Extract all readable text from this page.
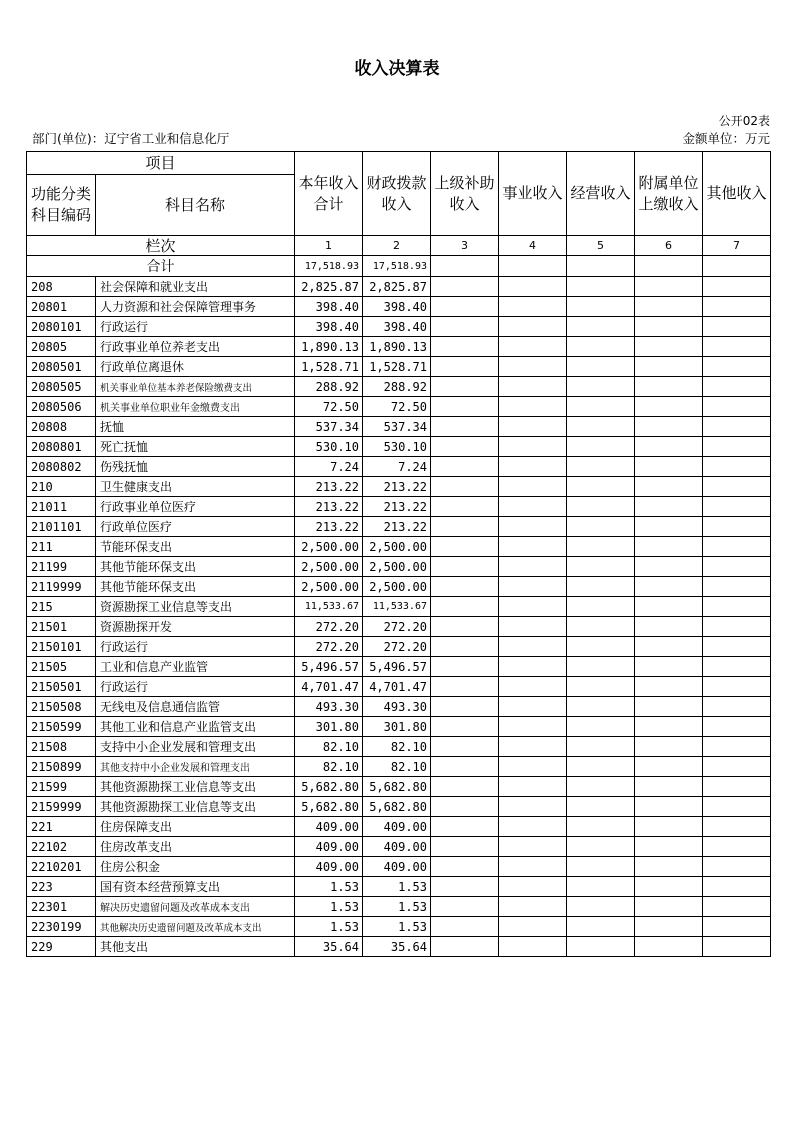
收入决算表
公开02表
部门(单位)：辽宁省工业和信息化厅	金额单位：万元
项目		本年收入合计	财政拨款收入	上级补助收入	事业收入	经营收入	附属单位上缴收入	其他收入
功能分类科目编码	科目名称							
栏次		1	2	3	4	5	6	7
合计		17,518.93	17,518.93					
208	社会保障和就业支出	2,825.87	2,825.87					
20801	人力资源和社会保障管理事务	398.40	398.40					
2080101	行政运行	398.40	398.40					
20805	行政事业单位养老支出	1,890.13	1,890.13					
2080501	行政单位离退休	1,528.71	1,528.71					
2080505	机关事业单位基本养老保险缴费支出	288.92	288.92					
2080506	机关事业单位职业年金缴费支出	72.50	72.50					
20808	抚恤	537.34	537.34					
2080801	死亡抚恤	530.10	530.10					
2080802	伤残抚恤	7.24	7.24					
210	卫生健康支出	213.22	213.22					
21011	行政事业单位医疗	213.22	213.22					
2101101	行政单位医疗	213.22	213.22					
211	节能环保支出	2,500.00	2,500.00					
21199	其他节能环保支出	2,500.00	2,500.00					
2119999	其他节能环保支出	2,500.00	2,500.00					
215	资源勘探工业信息等支出	11,533.67	11,533.67					
21501	资源勘探开发	272.20	272.20					
2150101	行政运行	272.20	272.20					
21505	工业和信息产业监管	5,496.57	5,496.57					
2150501	行政运行	4,701.47	4,701.47					
2150508	无线电及信息通信监管	493.30	493.30					
2150599	其他工业和信息产业监管支出	301.80	301.80					
21508	支持中小企业发展和管理支出	82.10	82.10					
2150899	其他支持中小企业发展和管理支出	82.10	82.10					
21599	其他资源勘探工业信息等支出	5,682.80	5,682.80					
2159999	其他资源勘探工业信息等支出	5,682.80	5,682.80					
221	住房保障支出	409.00	409.00					
22102	住房改革支出	409.00	409.00					
2210201	住房公积金	409.00	409.00					
223	国有资本经营预算支出	1.53	1.53					
22301	解决历史遗留问题及改革成本支出	1.53	1.53					
2230199	其他解决历史遗留问题及改革成本支出	1.53	1.53					
229	其他支出	35.64	35.64					
